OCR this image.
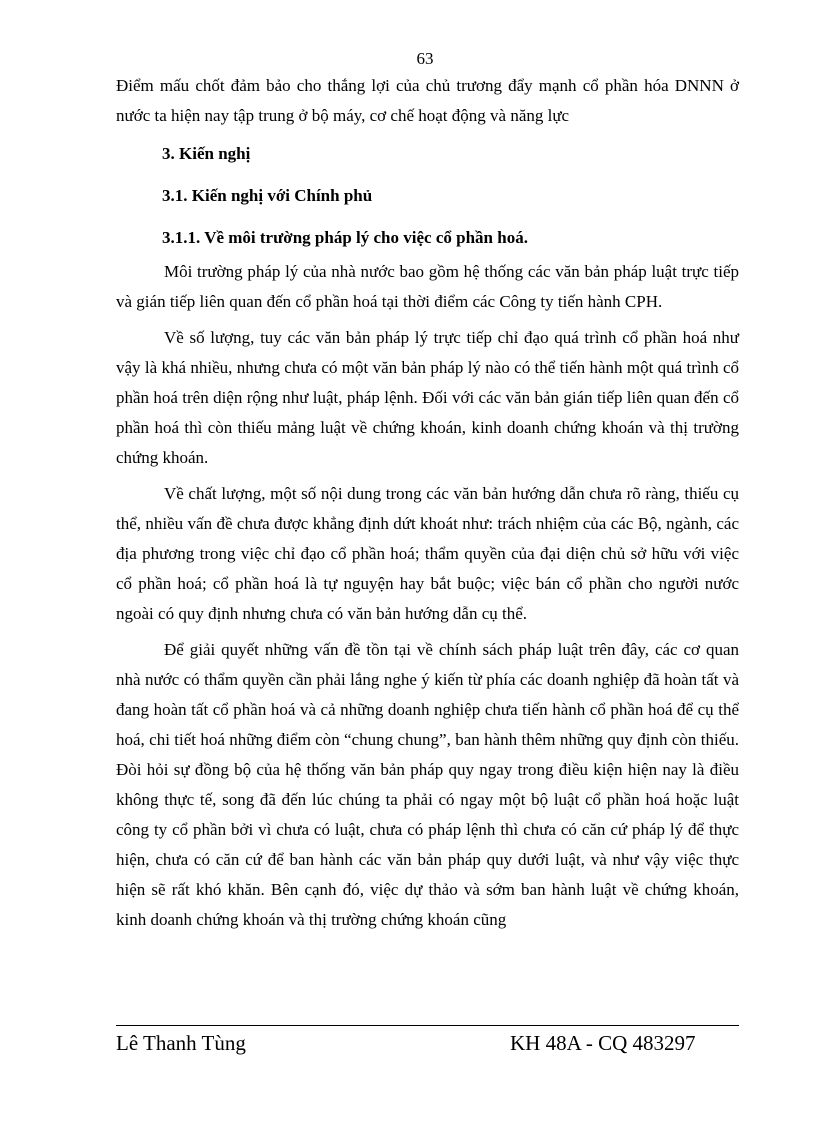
63

Điểm mấu chốt đảm bảo cho thắng lợi của chủ trương đẩy mạnh cổ phần hóa DNNN ở nước ta hiện nay tập trung ở bộ máy, cơ chế hoạt động và năng lực

3. Kiến nghị

3.1. Kiến nghị với Chính phủ

3.1.1. Về môi trường pháp lý cho việc cổ phần hoá.

Môi trường pháp lý của nhà nước bao gồm hệ thống các văn bản pháp luật trực tiếp và gián tiếp liên quan đến cổ phần hoá tại thời điểm các Công ty tiến hành CPH.

Về số lượng, tuy các văn bản pháp lý trực tiếp chỉ đạo quá trình cổ phần hoá như vậy là khá nhiều, nhưng chưa có một văn bản pháp lý nào có thể tiến hành một quá trình cổ phần hoá trên diện rộng như luật, pháp lệnh. Đối với các văn bản gián tiếp liên quan đến cổ phần hoá thì còn thiếu mảng luật về chứng khoán, kinh doanh chứng khoán và thị trường chứng khoán.

Về chất lượng, một số nội dung trong các văn bản hướng dẫn chưa rõ ràng, thiếu cụ thể, nhiều vấn đề chưa được khẳng định dứt khoát như: trách nhiệm của các Bộ, ngành, các địa phương trong việc chỉ đạo cổ phần hoá; thẩm quyền của đại diện chủ sở hữu với việc cổ phần hoá; cổ phần hoá là tự nguyện hay bắt buộc; việc bán cổ phần cho người nước ngoài có quy định nhưng chưa có văn bản hướng dẫn cụ thể.

Để giải quyết những vấn đề tồn tại về chính sách pháp luật trên đây, các cơ quan nhà nước có thẩm quyền cần phải lắng nghe ý kiến từ phía các doanh nghiệp đã hoàn tất và đang hoàn tất cổ phần hoá và cả những doanh nghiệp chưa tiến hành cổ phần hoá để cụ thể hoá, chi tiết hoá những điểm còn “chung chung”, ban hành thêm những quy định còn thiếu. Đòi hỏi sự đồng bộ của hệ thống văn bản pháp quy ngay trong điều kiện hiện nay là điều không thực tế, song đã đến lúc chúng ta phải có ngay một bộ luật cổ phần hoá hoặc luật công ty cổ phần bởi vì chưa có luật, chưa có pháp lệnh thì chưa có căn cứ pháp lý để thực hiện, chưa có căn cứ để ban hành các văn bản pháp quy dưới luật, và như vậy việc thực hiện sẽ rất khó khăn. Bên cạnh đó, việc dự thảo và sớm ban hành luật về chứng khoán, kinh doanh chứng khoán và thị trường chứng khoán cũng

Lê Thanh Tùng	KH 48A - CQ 483297
